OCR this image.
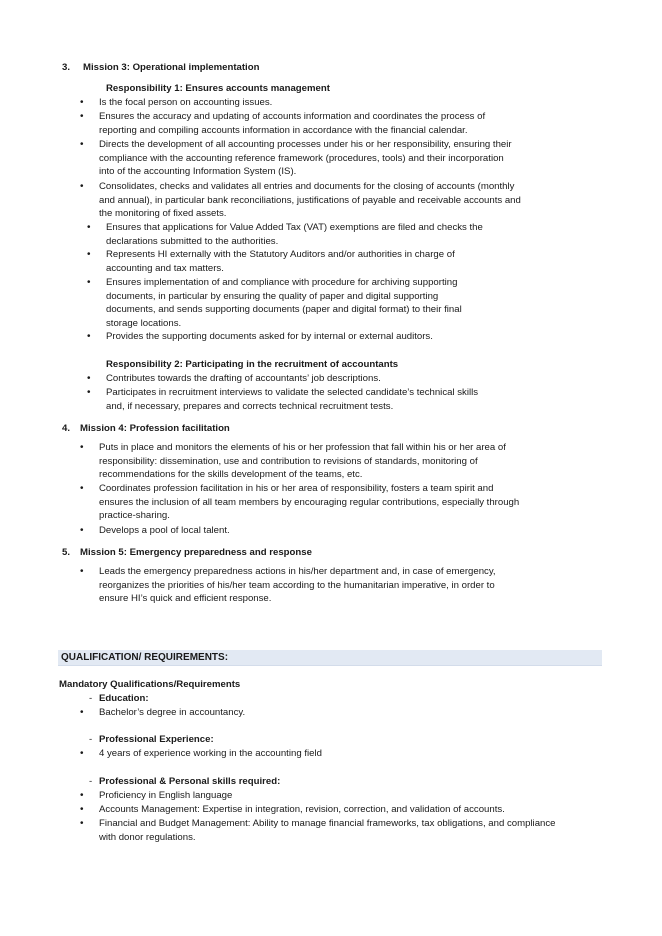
3. Mission 3: Operational implementation
Responsibility 1: Ensures accounts management
• Is the focal person on accounting issues.
• Ensures the accuracy and updating of accounts information and coordinates the process of
reporting and compiling accounts information in accordance with the financial calendar.
• Directs the development of all accounting processes under his or her responsibility, ensuring their
compliance with the accounting reference framework (procedures, tools) and their incorporation
into of the accounting Information System (IS).
• Consolidates, checks and validates all entries and documents for the closing of accounts (monthly
and annual), in particular bank reconciliations, justifications of payable and receivable accounts and
the monitoring of fixed assets.
• Ensures that applications for Value Added Tax (VAT) exemptions are filed and checks the
declarations submitted to the authorities.
• Represents HI externally with the Statutory Auditors and/or authorities in charge of
accounting and tax matters.
• Ensures implementation of and compliance with procedure for archiving supporting
documents, in particular by ensuring the quality of paper and digital supporting
documents, and sends supporting documents (paper and digital format) to their final
storage locations.
• Provides the supporting documents asked for by internal or external auditors.
Responsibility 2: Participating in the recruitment of accountants
• Contributes towards the drafting of accountants’ job descriptions.
• Participates in recruitment interviews to validate the selected candidate’s technical skills
and, if necessary, prepares and corrects technical recruitment tests.
4. Mission 4: Profession facilitation
• Puts in place and monitors the elements of his or her profession that fall within his or her area of
responsibility: dissemination, use and contribution to revisions of standards, monitoring of
recommendations for the skills development of the teams, etc.
• Coordinates profession facilitation in his or her area of responsibility, fosters a team spirit and
ensures the inclusion of all team members by encouraging regular contributions, especially through
practice-sharing.
• Develops a pool of local talent.
5. Mission 5: Emergency preparedness and response
• Leads the emergency preparedness actions in his/her department and, in case of emergency,
reorganizes the priorities of his/her team according to the humanitarian imperative, in order to
ensure HI’s quick and efficient response.
QUALIFICATION/ REQUIREMENTS:
Mandatory Qualifications/Requirements
- Education:
• Bachelor’s degree in accountancy.
- Professional Experience:
• 4 years of experience working in the accounting field
- Professional & Personal skills required:
• Proficiency in English language
• Accounts Management: Expertise in integration, revision, correction, and validation of accounts.
• Financial and Budget Management: Ability to manage financial frameworks, tax obligations, and compliance
with donor regulations.
